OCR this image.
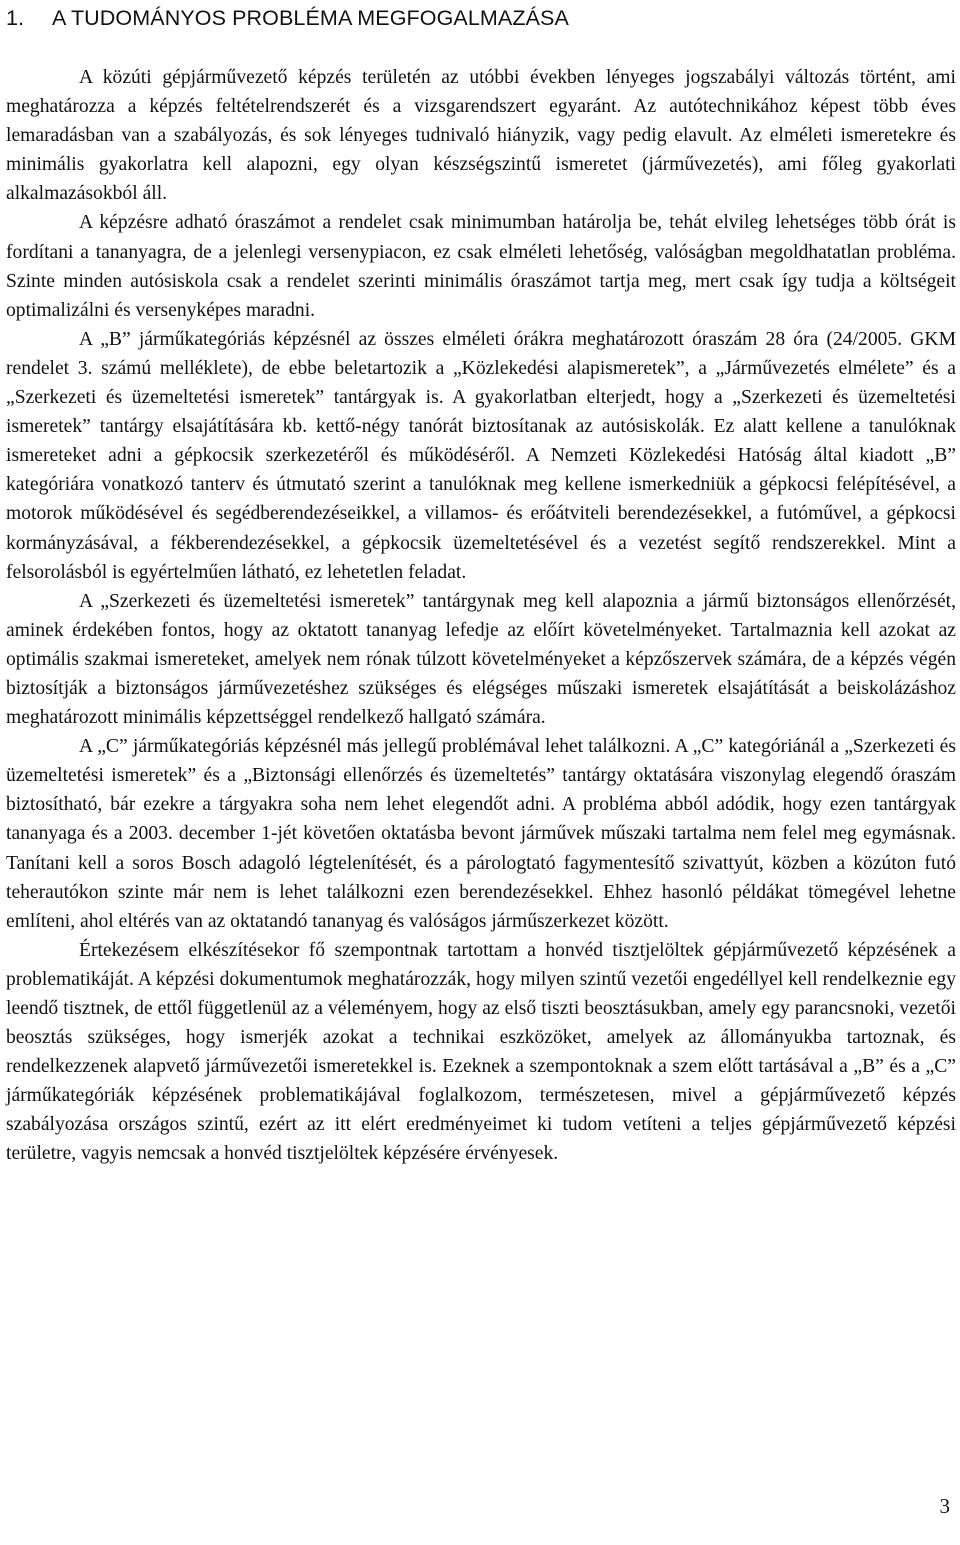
1. A TUDOMÁNYOS PROBLÉMA MEGFOGALMAZÁSA

A közúti gépjárművezető képzés területén az utóbbi években lényeges jogszabályi változás történt, ami meghatározza a képzés feltételrendszerét és a vizsgarendszert egyaránt. Az autótechnikához képest több éves lemaradásban van a szabályozás, és sok lényeges tudnivaló hiányzik, vagy pedig elavult. Az elméleti ismeretekre és minimális gyakorlatra kell alapozni, egy olyan készségszintű ismeretet (járművezetés), ami főleg gyakorlati alkalmazásokból áll.

A képzésre adható óraszámot a rendelet csak minimumban határolja be, tehát elvileg lehetséges több órát is fordítani a tananyagra, de a jelenlegi versenypiacon, ez csak elméleti lehetőség, valóságban megoldhatatlan probléma. Szinte minden autósiskola csak a rendelet szerinti minimális óraszámot tartja meg, mert csak így tudja a költségeit optimalizálni és versenyképes maradni.

A „B” járműkategóriás képzésnél az összes elméleti órákra meghatározott óraszám 28 óra (24/2005. GKM rendelet 3. számú melléklete), de ebbe beletartozik a „Közlekedési alapismeretek”, a „Járművezetés elmélete” és a „Szerkezeti és üzemeltetési ismeretek” tantárgyak is. A gyakorlatban elterjedt, hogy a „Szerkezeti és üzemeltetési ismeretek” tantárgy elsajátítására kb. kettő-négy tanórát biztosítanak az autósiskolák. Ez alatt kellene a tanulóknak ismereteket adni a gépkocsik szerkezetéről és működéséről. A Nemzeti Közlekedési Hatóság által kiadott „B” kategóriára vonatkozó tanterv és útmutató szerint a tanulóknak meg kellene ismerkedniük a gépkocsi felépítésével, a motorok működésével és segédberendezéseikkel, a villamos- és erőátviteli berendezésekkel, a futóművel, a gépkocsi kormányzásával, a fékberendezésekkel, a gépkocsik üzemeltetésével és a vezetést segítő rendszerekkel. Mint a felsorolásból is egyértelműen látható, ez lehetetlen feladat.

A „Szerkezeti és üzemeltetési ismeretek” tantárgynak meg kell alapoznia a jármű biztonságos ellenőrzését, aminek érdekében fontos, hogy az oktatott tananyag lefedje az előírt követelményeket. Tartalmaznia kell azokat az optimális szakmai ismereteket, amelyek nem rónak túlzott követelményeket a képzőszervek számára, de a képzés végén biztosítják a biztonságos járművezetéshez szükséges és elégséges műszaki ismeretek elsajátítását a beiskolázáshoz meghatározott minimális képzettséggel rendelkező hallgató számára.

A „C” járműkategóriás képzésnél más jellegű problémával lehet találkozni. A „C” kategóriánál a „Szerkezeti és üzemeltetési ismeretek” és a „Biztonsági ellenőrzés és üzemeltetés” tantárgy oktatására viszonylag elegendő óraszám biztosítható, bár ezekre a tárgyakra soha nem lehet elegendőt adni. A probléma abból adódik, hogy ezen tantárgyak tananyaga és a 2003. december 1-jét követően oktatásba bevont járművek műszaki tartalma nem felel meg egymásnak. Tanítani kell a soros Bosch adagoló légtelenítését, és a párologtató fagymentesítő szivattyút, közben a közúton futó teherautókon szinte már nem is lehet találkozni ezen berendezésekkel. Ehhez hasonló példákat tömegével lehetne említeni, ahol eltérés van az oktatandó tananyag és valóságos járműszerkezet között.

Értekezésem elkészítésekor fő szempontnak tartottam a honvéd tisztjelöltek gépjárművezető képzésének a problematikáját. A képzési dokumentumok meghatározzák, hogy milyen szintű vezetői engedéllyel kell rendelkeznie egy leendő tisztnek, de ettől függetlenül az a véleményem, hogy az első tiszti beosztásukban, amely egy parancsnoki, vezetői beosztás szükséges, hogy ismerjék azokat a technikai eszközöket, amelyek az állományukba tartoznak, és rendelkezzenek alapvető járművezetői ismeretekkel is. Ezeknek a szempontoknak a szem előtt tartásával a „B” és a „C” járműkategóriák képzésének problematikájával foglalkozom, természetesen, mivel a gépjárművezető képzés szabályozása országos szintű, ezért az itt elért eredményeimet ki tudom vetíteni a teljes gépjárművezető képzési területre, vagyis nemcsak a honvéd tisztjelöltek képzésére érvényesek.

3
